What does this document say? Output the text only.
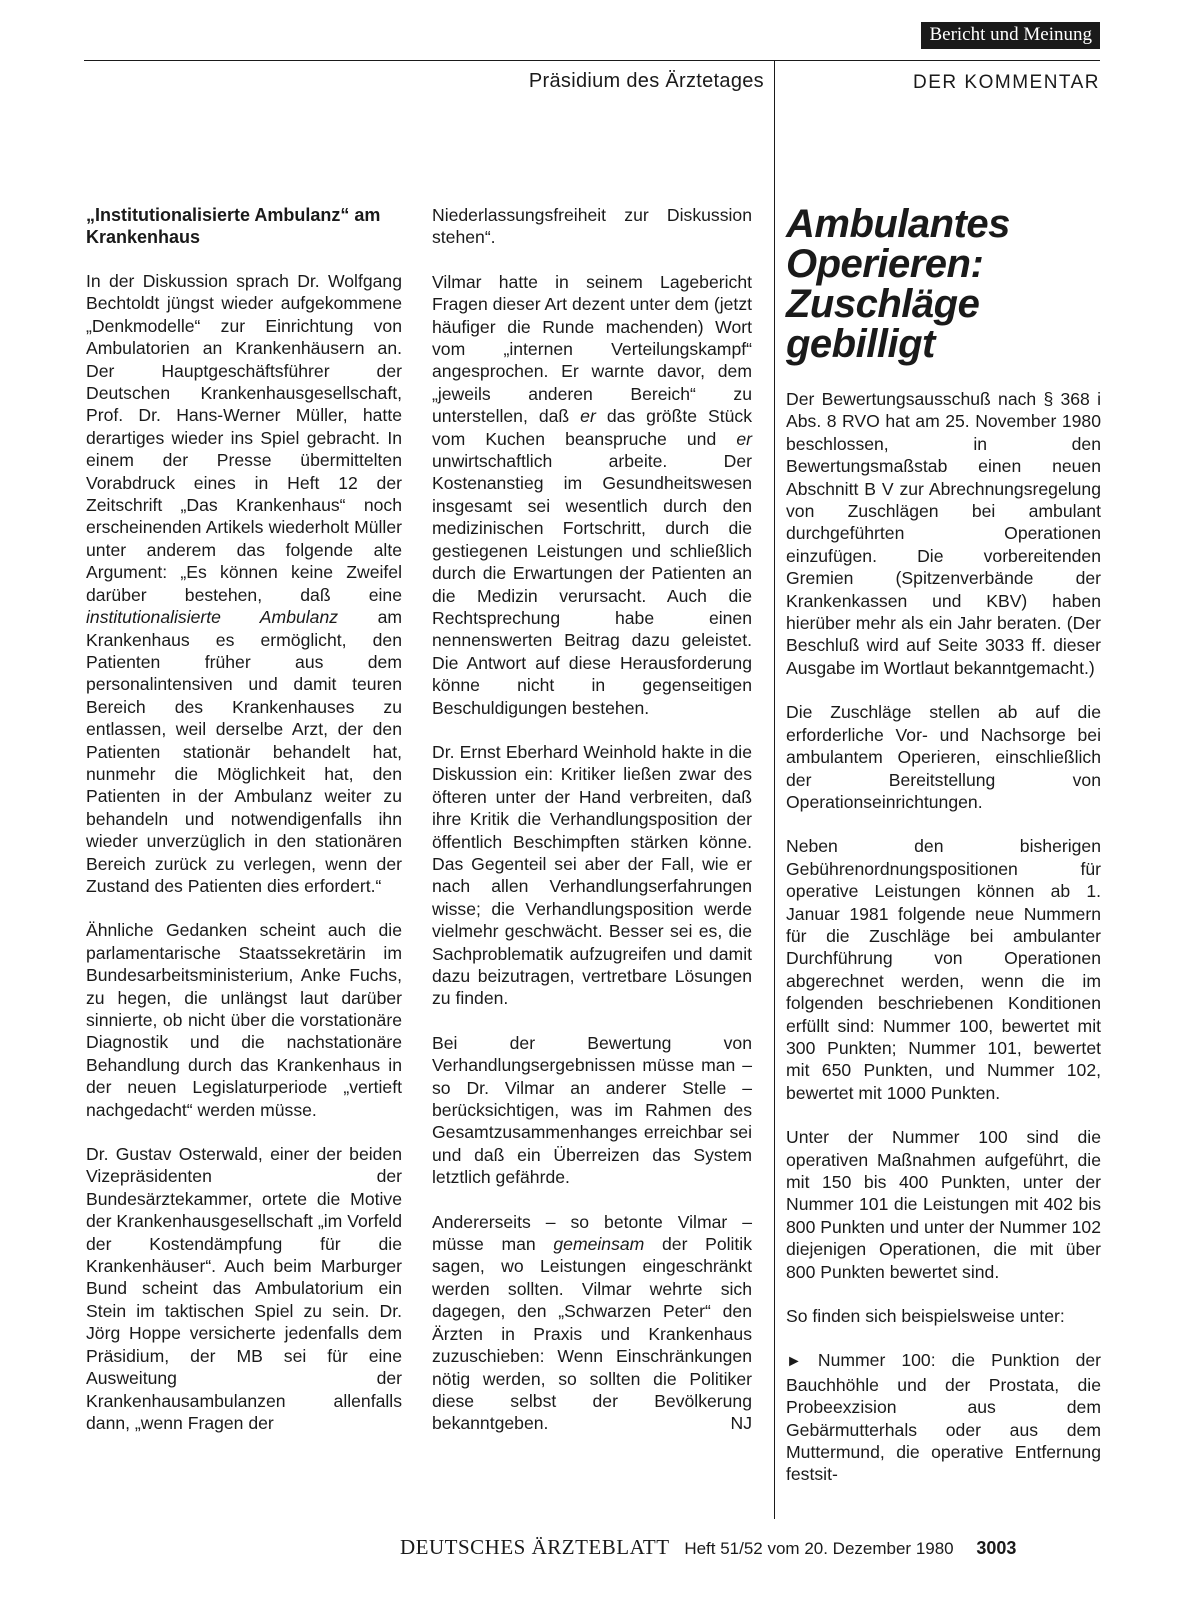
Bericht und Meinung
Präsidium des Ärztetages	DER KOMMENTAR
„Institutionalisierte Ambulanz“ am Krankenhaus

In der Diskussion sprach Dr. Wolfgang Bechtoldt jüngst wieder aufgekommene „Denkmodelle“ zur Einrichtung von Ambulatorien an Krankenhäusern an. Der Hauptgeschäftsführer der Deutschen Krankenhausgesellschaft, Prof. Dr. Hans-Werner Müller, hatte derartiges wieder ins Spiel gebracht. In einem der Presse übermittelten Vorabdruck eines in Heft 12 der Zeitschrift „Das Krankenhaus“ noch erscheinenden Artikels wiederholt Müller unter anderem das folgende alte Argument: „Es können keine Zweifel darüber bestehen, daß eine institutionalisierte Ambulanz am Krankenhaus es ermöglicht, den Patienten früher aus dem personalintensiven und damit teuren Bereich des Krankenhauses zu entlassen, weil derselbe Arzt, der den Patienten stationär behandelt hat, nunmehr die Möglichkeit hat, den Patienten in der Ambulanz weiter zu behandeln und notwendigenfalls ihn wieder unverzüglich in den stationären Bereich zurück zu verlegen, wenn der Zustand des Patienten dies erfordert.“

Ähnliche Gedanken scheint auch die parlamentarische Staatssekretärin im Bundesarbeitsministerium, Anke Fuchs, zu hegen, die unlängst laut darüber sinnierte, ob nicht über die vorstationäre Diagnostik und die nachstationäre Behandlung durch das Krankenhaus in der neuen Legislaturperiode „vertieft nachgedacht“ werden müsse.

Dr. Gustav Osterwald, einer der beiden Vizepräsidenten der Bundesärztekammer, ortete die Motive der Krankenhausgesellschaft „im Vorfeld der Kostendämpfung für die Krankenhäuser“. Auch beim Marburger Bund scheint das Ambulatorium ein Stein im taktischen Spiel zu sein. Dr. Jörg Hoppe versicherte jedenfalls dem Präsidium, der MB sei für eine Ausweitung der Krankenhausambulanzen allenfalls dann, „wenn Fragen der

Niederlassungsfreiheit zur Diskussion stehen“.

Vilmar hatte in seinem Lagebericht Fragen dieser Art dezent unter dem (jetzt häufiger die Runde machenden) Wort vom „internen Verteilungskampf“ angesprochen. Er warnte davor, dem „jeweils anderen Bereich“ zu unterstellen, daß er das größte Stück vom Kuchen beanspruche und er unwirtschaftlich arbeite. Der Kostenanstieg im Gesundheitswesen insgesamt sei wesentlich durch den medizinischen Fortschritt, durch die gestiegenen Leistungen und schließlich durch die Erwartungen der Patienten an die Medizin verursacht. Auch die Rechtsprechung habe einen nennenswerten Beitrag dazu geleistet. Die Antwort auf diese Herausforderung könne nicht in gegenseitigen Beschuldigungen bestehen.

Dr. Ernst Eberhard Weinhold hakte in die Diskussion ein: Kritiker ließen zwar des öfteren unter der Hand verbreiten, daß ihre Kritik die Verhandlungsposition der öffentlich Beschimpften stärken könne. Das Gegenteil sei aber der Fall, wie er nach allen Verhandlungserfahrungen wisse; die Verhandlungsposition werde vielmehr geschwächt. Besser sei es, die Sachproblematik aufzugreifen und damit dazu beizutragen, vertretbare Lösungen zu finden.

Bei der Bewertung von Verhandlungsergebnissen müsse man – so Dr. Vilmar an anderer Stelle – berücksichtigen, was im Rahmen des Gesamtzusammenhanges erreichbar sei und daß ein Überreizen das System letztlich gefährde.

Andererseits – so betonte Vilmar – müsse man gemeinsam der Politik sagen, wo Leistungen eingeschränkt werden sollten. Vilmar wehrte sich dagegen, den „Schwarzen Peter“ den Ärzten in Praxis und Krankenhaus zuzuschieben: Wenn Einschränkungen nötig werden, so sollten die Politiker diese selbst der Bevölkerung bekanntgeben.	NJ

Ambulantes Operieren: Zuschläge gebilligt

Der Bewertungsausschuß nach § 368 i Abs. 8 RVO hat am 25. November 1980 beschlossen, in den Bewertungsmaßstab einen neuen Abschnitt B V zur Abrechnungsregelung von Zuschlägen bei ambulant durchgeführten Operationen einzufügen. Die vorbereitenden Gremien (Spitzenverbände der Krankenkassen und KBV) haben hierüber mehr als ein Jahr beraten. (Der Beschluß wird auf Seite 3033 ff. dieser Ausgabe im Wortlaut bekanntgemacht.)

Die Zuschläge stellen ab auf die erforderliche Vor- und Nachsorge bei ambulantem Operieren, einschließlich der Bereitstellung von Operationseinrichtungen.

Neben den bisherigen Gebührenordnungspositionen für operative Leistungen können ab 1. Januar 1981 folgende neue Nummern für die Zuschläge bei ambulanter Durchführung von Operationen abgerechnet werden, wenn die im folgenden beschriebenen Konditionen erfüllt sind: Nummer 100, bewertet mit 300 Punkten; Nummer 101, bewertet mit 650 Punkten, und Nummer 102, bewertet mit 1000 Punkten.

Unter der Nummer 100 sind die operativen Maßnahmen aufgeführt, die mit 150 bis 400 Punkten, unter der Nummer 101 die Leistungen mit 402 bis 800 Punkten und unter der Nummer 102 diejenigen Operationen, die mit über 800 Punkten bewertet sind.

So finden sich beispielsweise unter:

► Nummer 100: die Punktion der Bauchhöhle und der Prostata, die Probeexzision aus dem Gebärmutterhals oder aus dem Muttermund, die operative Entfernung festsit-

DEUTSCHES ÄRZTEBLATT Heft 51/52 vom 20. Dezember 1980 3003
